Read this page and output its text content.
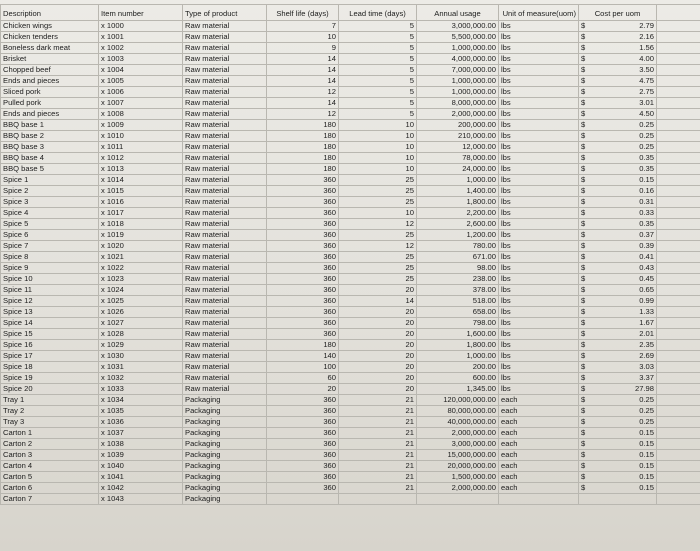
Description	Item number	Type of product	Shelf life (days)	Lead time (days)	Annual usage	Unit of measure(uom)	Cost per uom	
Chicken wings	x 1000	Raw material	7	5	3,000,000.00	lbs	$ 2.79	

Chicken tenders	x 1001	Raw material	10	5	5,500,000.00	lbs	$ 2.16	

Boneless dark meat	x 1002	Raw material	9	5	1,000,000.00	lbs	$ 1.56	

Brisket	x 1003	Raw material	14	5	4,000,000.00	lbs	$ 4.00	

Chopped beef	x 1004	Raw material	14	5	7,000,000.00	lbs	$ 3.50	

Ends and pieces	x 1005	Raw material	14	5	1,000,000.00	lbs	$ 4.75	

Sliced pork	x 1006	Raw material	12	5	1,000,000.00	lbs	$ 2.75	

Pulled pork	x 1007	Raw material	14	5	8,000,000.00	lbs	$ 3.01	

Ends and pieces	x 1008	Raw material	12	5	2,000,000.00	lbs	$ 4.50	

BBQ base 1	x 1009	Raw material	180	10	200,000.00	lbs	$ 0.25	

BBQ base 2	x 1010	Raw material	180	10	210,000.00	lbs	$ 0.25	

BBQ base 3	x 1011	Raw material	180	10	12,000.00	lbs	$ 0.25	

BBQ base 4	x 1012	Raw material	180	10	78,000.00	lbs	$ 0.35	

BBQ base 5	x 1013	Raw material	180	10	24,000.00	lbs	$ 0.35	

Spice 1	x 1014	Raw material	360	25	1,000.00	lbs	$ 0.15	

Spice 2	x 1015	Raw material	360	25	1,400.00	lbs	$ 0.16	

Spice 3	x 1016	Raw material	360	25	1,800.00	lbs	$ 0.31	

Spice 4	x 1017	Raw material	360	10	2,200.00	lbs	$ 0.33	

Spice 5	x 1018	Raw material	360	12	2,600.00	lbs	$ 0.35	

Spice 6	x 1019	Raw material	360	25	1,200.00	lbs	$ 0.37	

Spice 7	x 1020	Raw material	360	12	780.00	lbs	$ 0.39	

Spice 8	x 1021	Raw material	360	25	671.00	lbs	$ 0.41	

Spice 9	x 1022	Raw material	360	25	98.00	lbs	$ 0.43	

Spice 10	x 1023	Raw material	360	25	238.00	lbs	$ 0.45	

Spice 11	x 1024	Raw material	360	20	378.00	lbs	$ 0.65	

Spice 12	x 1025	Raw material	360	14	518.00	lbs	$ 0.99	

Spice 13	x 1026	Raw material	360	20	658.00	lbs	$ 1.33	

Spice 14	x 1027	Raw material	360	20	798.00	lbs	$ 1.67	

Spice 15	x 1028	Raw material	360	20	1,600.00	lbs	$ 2.01	

Spice 16	x 1029	Raw material	180	20	1,800.00	lbs	$ 2.35	

Spice 17	x 1030	Raw material	140	20	1,000.00	lbs	$ 2.69	

Spice 18	x 1031	Raw material	100	20	200.00	lbs	$ 3.03	

Spice 19	x 1032	Raw material	60	20	600.00	lbs	$ 3.37	

Spice 20	x 1033	Raw material	20	20	1,345.00	lbs	$ 27.98	

Tray 1	x 1034	Packaging	360	21	120,000,000.00	each	$ 0.25	

Tray 2	x 1035	Packaging	360	21	80,000,000.00	each	$ 0.25	

Tray 3	x 1036	Packaging	360	21	40,000,000.00	each	$ 0.25	

Carton 1	x 1037	Packaging	360	21	2,000,000.00	each	$ 0.15	

Carton 2	x 1038	Packaging	360	21	3,000,000.00	each	$ 0.15	

Carton 3	x 1039	Packaging	360	21	15,000,000.00	each	$ 0.15	

Carton 4	x 1040	Packaging	360	21	20,000,000.00	each	$ 0.15	

Carton 5	x 1041	Packaging	360	21	1,500,000.00	each	$ 0.15	

Carton 6	x 1042	Packaging	360	21	2,000,000.00	each	$ 0.15	

Carton 7	x 1043	Packaging					
